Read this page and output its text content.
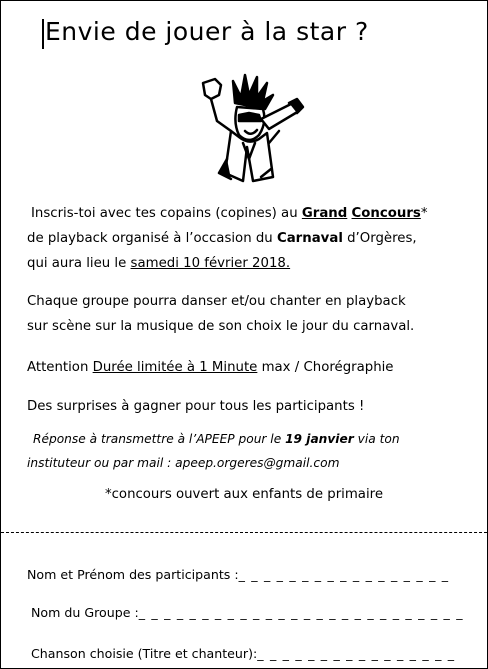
Envie de jouer à la star ?
Inscris-toi avec tes copains (copines) au Grand Concours*
de playback organisé à l’occasion du Carnaval d’Orgères,
qui aura lieu le samedi 10 février 2018.
Chaque groupe pourra danser et/ou chanter en playback
sur scène sur la musique de son choix le jour du carnaval.
Attention Durée limitée à 1 Minute max / Chorégraphie
Des surprises à gagner pour tous les participants !
Réponse à transmettre à l’APEEP pour le 19 janvier via ton
instituteur ou par mail : apeep.orgeres@gmail.com
*concours ouvert aux enfants de primaire
Nom et Prénom des participants :_ _ _ _ _ _ _ _ _ _ _ _ _ _ _ _ _
Nom du Groupe :_ _ _ _ _ _ _ _ _ _ _ _ _ _ _ _ _ _ _ _ _ _ _ _ _ _
Chanson choisie (Titre et chanteur):_ _ _ _ _ _ _ _ _ _ _ _ _ _ _ _
